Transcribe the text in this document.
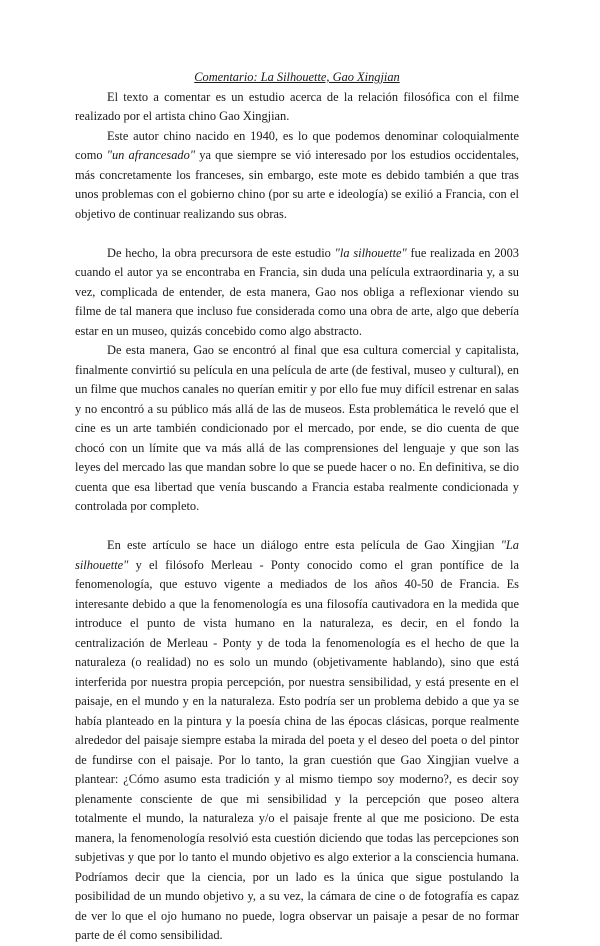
Comentario: La Silhouette, Gao Xingjian

El texto a comentar es un estudio acerca de la relación filosófica con el filme realizado por el artista chino Gao Xingjian.

Este autor chino nacido en 1940, es lo que podemos denominar coloquialmente como "un afrancesado" ya que siempre se vió interesado por los estudios occidentales, más concretamente los franceses, sin embargo, este mote es debido también a que tras unos problemas con el gobierno chino (por su arte e ideología) se exilió a Francia, con el objetivo de continuar realizando sus obras.

De hecho, la obra precursora de este estudio "la silhouette" fue realizada en 2003 cuando el autor ya se encontraba en Francia, sin duda una película extraordinaria y, a su vez, complicada de entender, de esta manera, Gao nos obliga a reflexionar viendo su filme de tal manera que incluso fue considerada como una obra de arte, algo que debería estar en un museo, quizás concebido como algo abstracto.

De esta manera, Gao se encontró al final que esa cultura comercial y capitalista, finalmente convirtió su película en una película de arte (de festival, museo y cultural), en un filme que muchos canales no querían emitir y por ello fue muy difícil estrenar en salas y no encontró a su público más allá de las de museos. Esta problemática le reveló que el cine es un arte también condicionado por el mercado, por ende, se dio cuenta de que chocó con un límite que va más allá de las comprensiones del lenguaje y que son las leyes del mercado las que mandan sobre lo que se puede hacer o no. En definitiva, se dio cuenta que esa libertad que venía buscando a Francia estaba realmente condicionada y controlada por completo.

En este artículo se hace un diálogo entre esta película de Gao Xingjian "La silhouette" y el filósofo Merleau - Ponty conocido como el gran pontífice de la fenomenología, que estuvo vigente a mediados de los años 40-50 de Francia. Es interesante debido a que la fenomenología es una filosofía cautivadora en la medida que introduce el punto de vista humano en la naturaleza, es decir, en el fondo la centralización de Merleau - Ponty y de toda la fenomenología es el hecho de que la naturaleza (o realidad) no es solo un mundo (objetivamente hablando), sino que está interferida por nuestra propia percepción, por nuestra sensibilidad, y está presente en el paisaje, en el mundo y en la naturaleza. Esto podría ser un problema debido a que ya se había planteado en la pintura y la poesía china de las épocas clásicas, porque realmente alrededor del paisaje siempre estaba la mirada del poeta y el deseo del poeta o del pintor de fundirse con el paisaje. Por lo tanto, la gran cuestión que Gao Xingjian vuelve a plantear: ¿Cómo asumo esta tradición y al mismo tiempo soy moderno?, es decir soy plenamente consciente de que mi sensibilidad y la percepción que poseo altera totalmente el mundo, la naturaleza y/o el paisaje frente al que me posiciono. De esta manera, la fenomenología resolvió esta cuestión diciendo que todas las percepciones son subjetivas y que por lo tanto el mundo objetivo es algo exterior a la consciencia humana. Podríamos decir que la ciencia, por un lado es la única que sigue postulando la posibilidad de un mundo objetivo y, a su vez, la cámara de cine o de fotografía es capaz de ver lo que el ojo humano no puede, logra observar un paisaje a pesar de no formar parte de él como sensibilidad.
